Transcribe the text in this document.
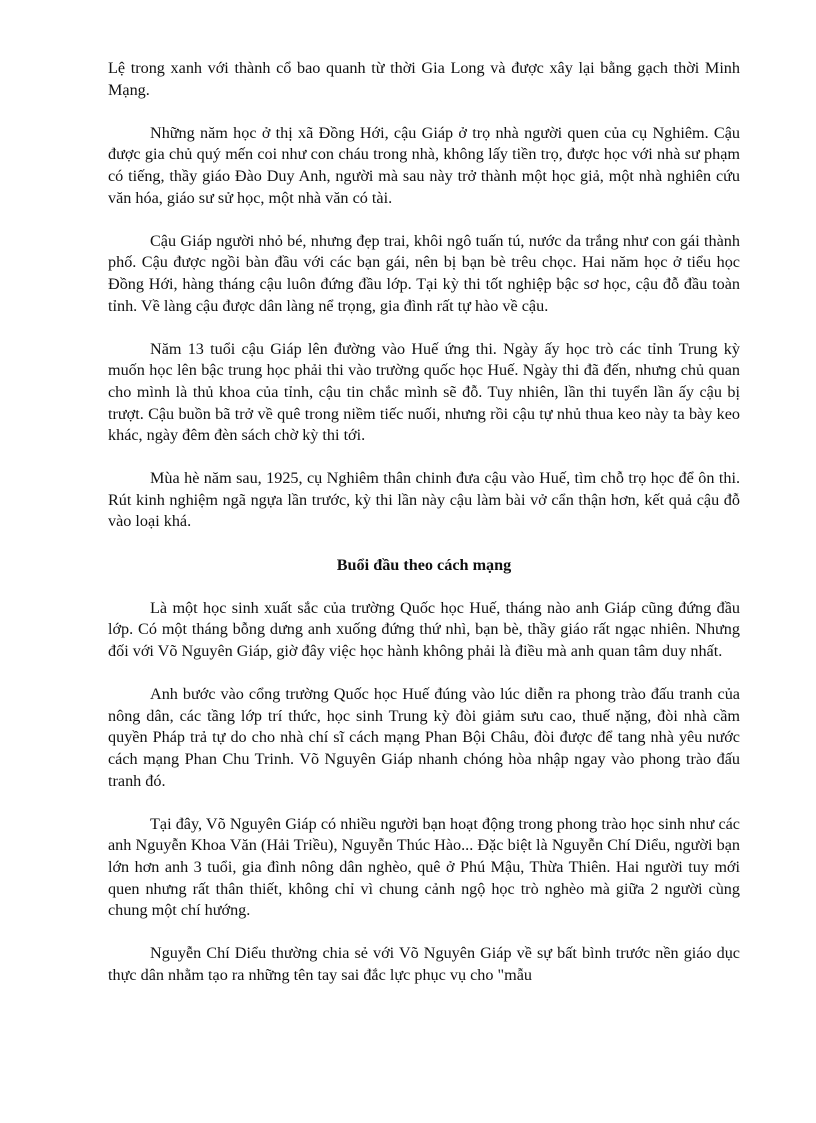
Lệ trong xanh với thành cổ bao quanh từ thời Gia Long và được xây lại bằng gạch thời Minh Mạng.

Những năm học ở thị xã Đồng Hới, cậu Giáp ở trọ nhà người quen của cụ Nghiêm. Cậu được gia chủ quý mến coi như con cháu trong nhà, không lấy tiền trọ, được học với nhà sư phạm có tiếng, thầy giáo Đào Duy Anh, người mà sau này trở thành một học giả, một nhà nghiên cứu văn hóa, giáo sư sử học, một nhà văn có tài.

Cậu Giáp người nhỏ bé, nhưng đẹp trai, khôi ngô tuấn tú, nước da trắng như con gái thành phố. Cậu được ngồi bàn đầu với các bạn gái, nên bị bạn bè trêu chọc. Hai năm học ở tiểu học Đồng Hới, hàng tháng cậu luôn đứng đầu lớp. Tại kỳ thi tốt nghiệp bậc sơ học, cậu đỗ đầu toàn tỉnh. Về làng cậu được dân làng nể trọng, gia đình rất tự hào về cậu.

Năm 13 tuổi cậu Giáp lên đường vào Huế ứng thi. Ngày ấy học trò các tỉnh Trung kỳ muốn học lên bậc trung học phải thi vào trường quốc học Huế. Ngày thi đã đến, nhưng chủ quan cho mình là thủ khoa của tỉnh, cậu tin chắc mình sẽ đỗ. Tuy nhiên, lần thi tuyển lần ấy cậu bị trượt. Cậu buồn bã trở về quê trong niềm tiếc nuối, nhưng rồi cậu tự nhủ thua keo này ta bày keo khác, ngày đêm đèn sách chờ kỳ thi tới.

Mùa hè năm sau, 1925, cụ Nghiêm thân chinh đưa cậu vào Huế, tìm chỗ trọ học để ôn thi. Rút kinh nghiệm ngã ngựa lần trước, kỳ thi lần này cậu làm bài vở cẩn thận hơn, kết quả cậu đỗ vào loại khá.

Buổi đầu theo cách mạng

Là một học sinh xuất sắc của trường Quốc học Huế, tháng nào anh Giáp cũng đứng đầu lớp. Có một tháng bỗng dưng anh xuống đứng thứ nhì, bạn bè, thầy giáo rất ngạc nhiên. Nhưng đối với Võ Nguyên Giáp, giờ đây việc học hành không phải là điều mà anh quan tâm duy nhất.

Anh bước vào cổng trường Quốc học Huế đúng vào lúc diễn ra phong trào đấu tranh của nông dân, các tầng lớp trí thức, học sinh Trung kỳ đòi giảm sưu cao, thuế nặng, đòi nhà cầm quyền Pháp trả tự do cho nhà chí sĩ cách mạng Phan Bội Châu, đòi được để tang nhà yêu nước cách mạng Phan Chu Trinh. Võ Nguyên Giáp nhanh chóng hòa nhập ngay vào phong trào đấu tranh đó.

Tại đây, Võ Nguyên Giáp có nhiều người bạn hoạt động trong phong trào học sinh như các anh Nguyễn Khoa Văn (Hải Triều), Nguyễn Thúc Hào... Đặc biệt là Nguyễn Chí Diểu, người bạn lớn hơn anh 3 tuổi, gia đình nông dân nghèo, quê ở Phú Mậu, Thừa Thiên. Hai người tuy mới quen nhưng rất thân thiết, không chỉ vì chung cảnh ngộ học trò nghèo mà giữa 2 người cùng chung một chí hướng.

Nguyễn Chí Diểu thường chia sẻ với Võ Nguyên Giáp về sự bất bình trước nền giáo dục thực dân nhằm tạo ra những tên tay sai đắc lực phục vụ cho "mẫu
